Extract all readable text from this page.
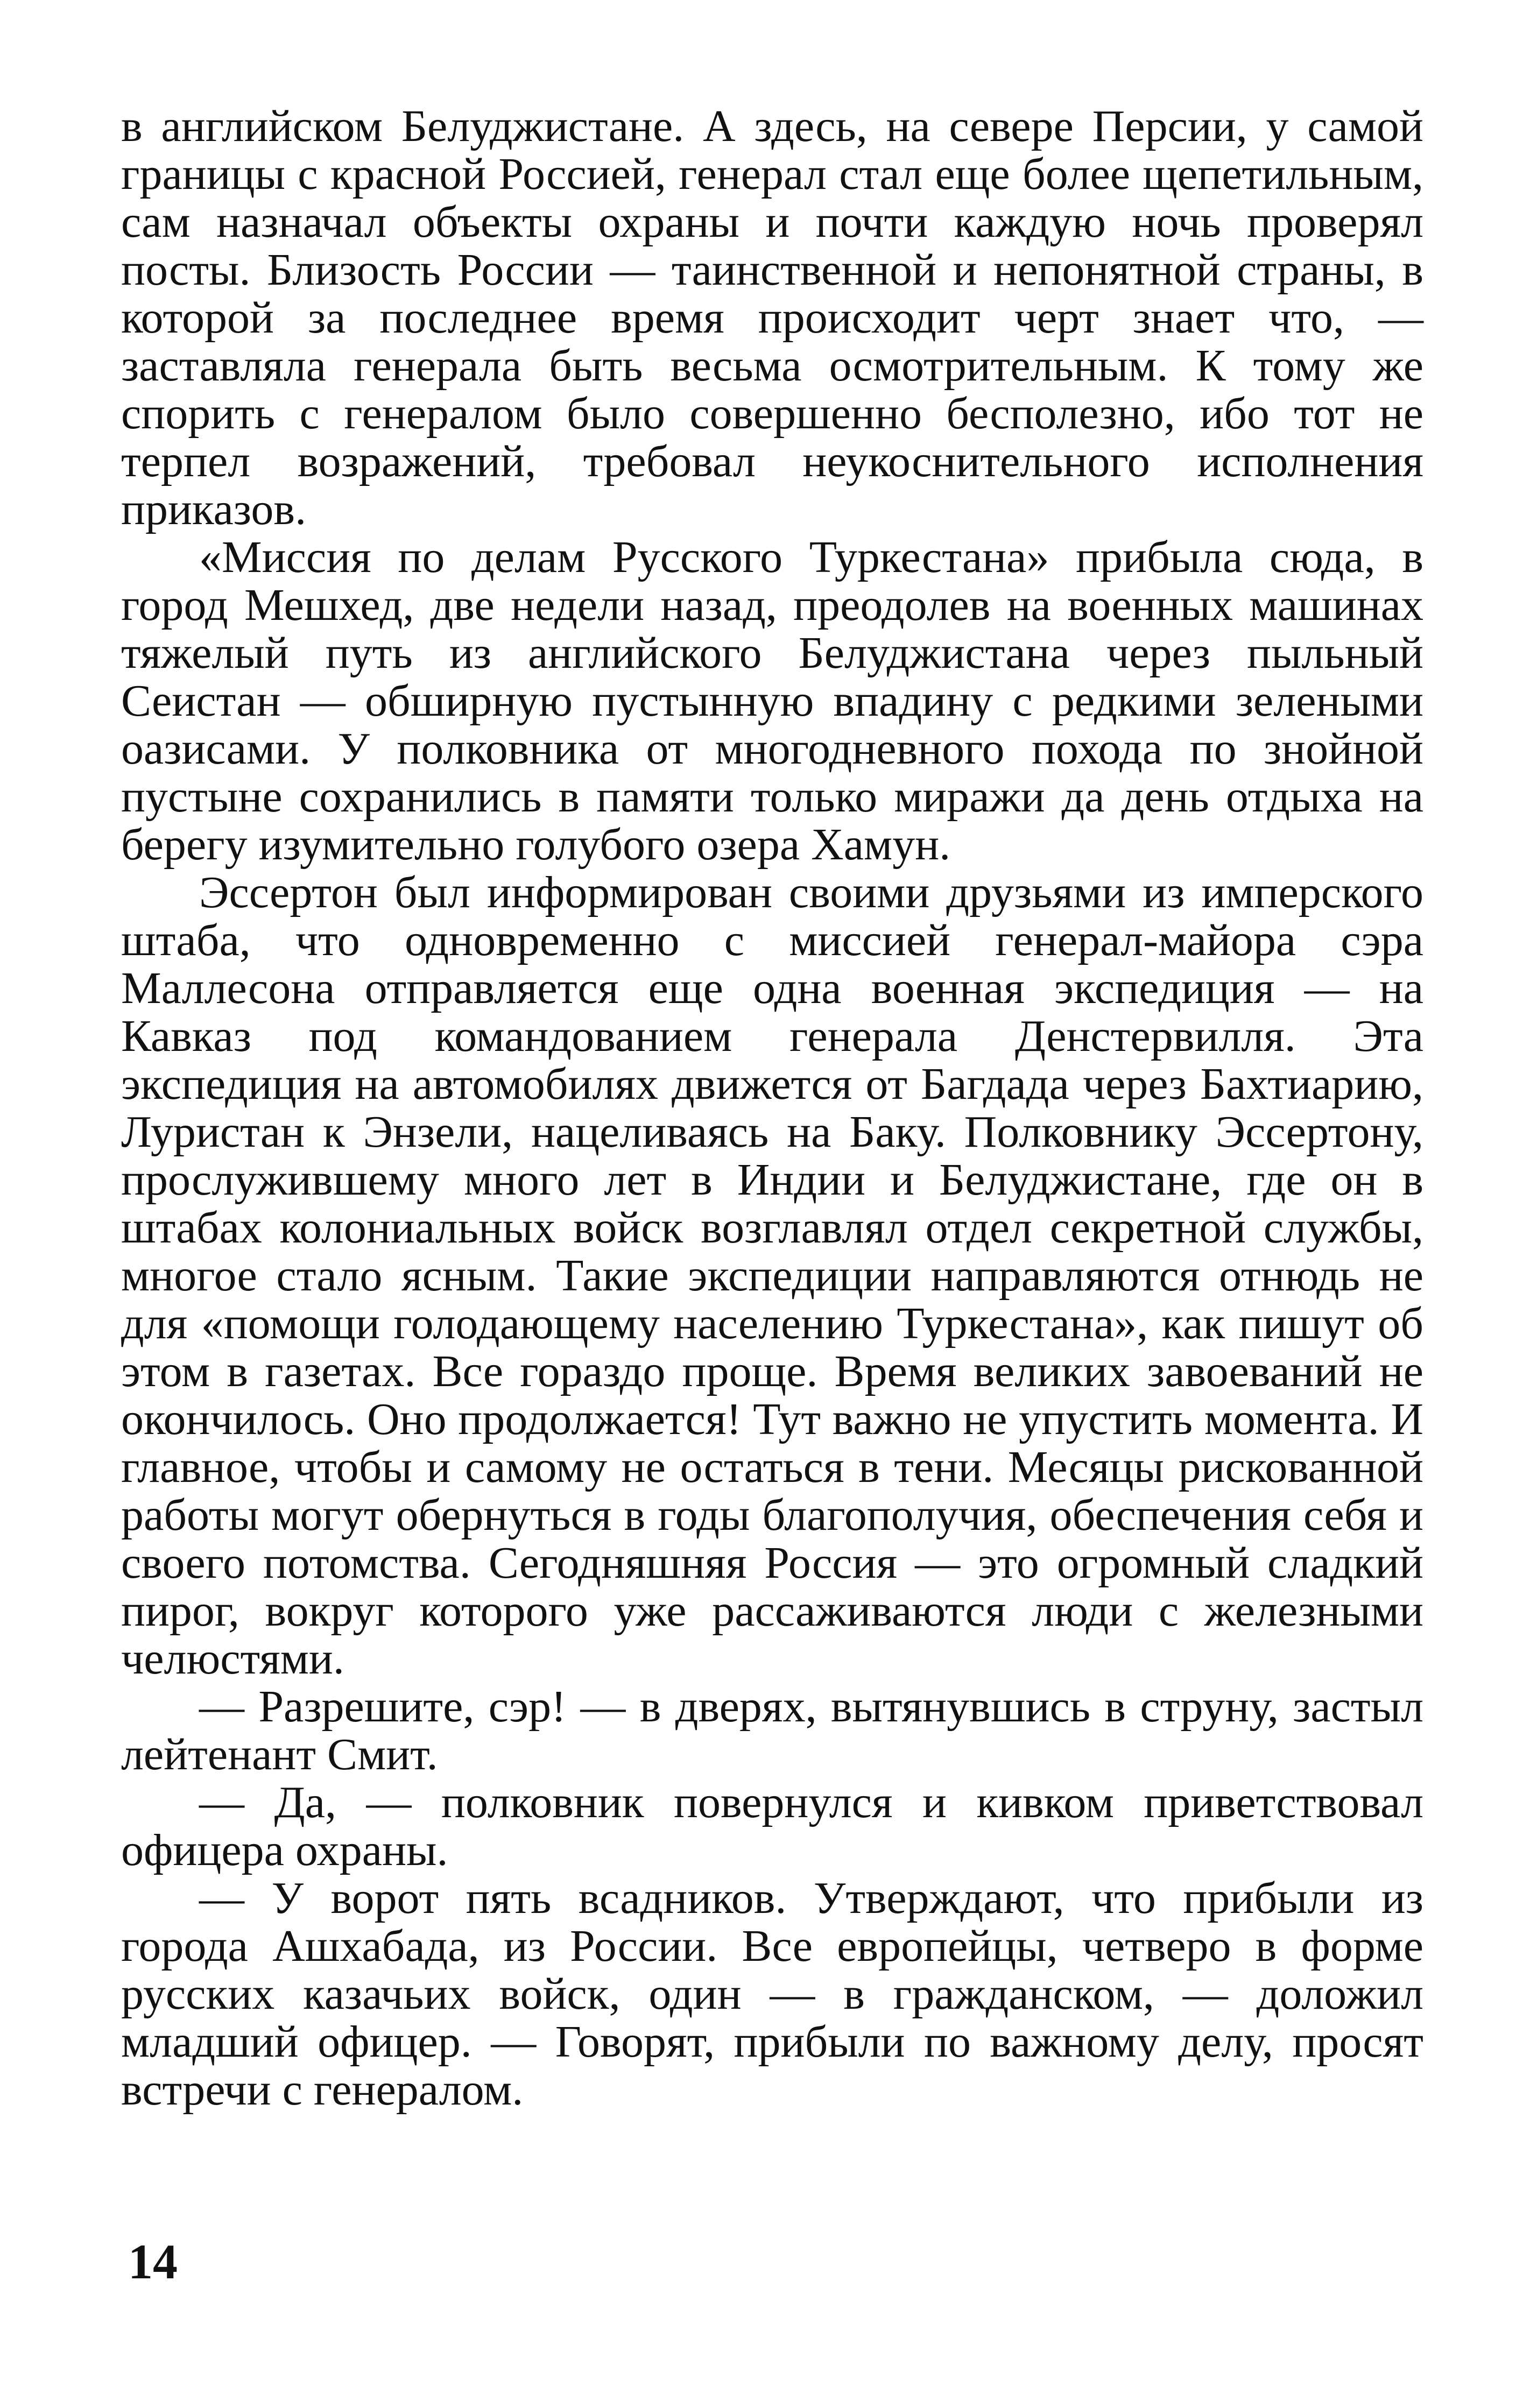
в английском Белуджистане. А здесь, на севере Персии, у самой границы с красной Россией, генерал стал еще более щепетильным, сам назначал объекты охраны и почти каждую ночь проверял посты. Близость России — таинственной и непонятной страны, в которой за последнее время происходит черт знает что, — заставляла генерала быть весьма осмотрительным. К тому же спорить с генералом было совершенно бесполезно, ибо тот не терпел возражений, требовал неукоснительного исполнения приказов.

«Миссия по делам Русского Туркестана» прибыла сюда, в город Мешхед, две недели назад, преодолев на военных машинах тяжелый путь из английского Белуджистана через пыльный Сеистан — обширную пустынную впадину с редкими зелеными оазисами. У полковника от многодневного похода по знойной пустыне сохранились в памяти только миражи да день отдыха на берегу изумительно голубого озера Хамун.

Эссертон был информирован своими друзьями из имперского штаба, что одновременно с миссией генерал-майора сэра Маллесона отправляется еще одна военная экспедиция — на Кавказ под командованием генерала Денстервилля. Эта экспедиция на автомобилях движется от Багдада через Бахтиарию, Луристан к Энзели, нацеливаясь на Баку. Полковнику Эссертону, прослужившему много лет в Индии и Белуджистане, где он в штабах колониальных войск возглавлял отдел секретной службы, многое стало ясным. Такие экспедиции направляются отнюдь не для «помощи голодающему населению Туркестана», как пишут об этом в газетах. Все гораздо проще. Время великих завоеваний не окончилось. Оно продолжается! Тут важно не упустить момента. И главное, чтобы и самому не остаться в тени. Месяцы рискованной работы могут обернуться в годы благополучия, обеспечения себя и своего потомства. Сегодняшняя Россия — это огромный сладкий пирог, вокруг которого уже рассаживаются люди с железными челюстями.

— Разрешите, сэр! — в дверях, вытянувшись в струну, застыл лейтенант Смит.

— Да, — полковник повернулся и кивком приветствовал офицера охраны.

— У ворот пять всадников. Утверждают, что прибыли из города Ашхабада, из России. Все европейцы, четверо в форме русских казачьих войск, один — в гражданском, — доложил младший офицер. — Говорят, прибыли по важному делу, просят встречи с генералом.

14
